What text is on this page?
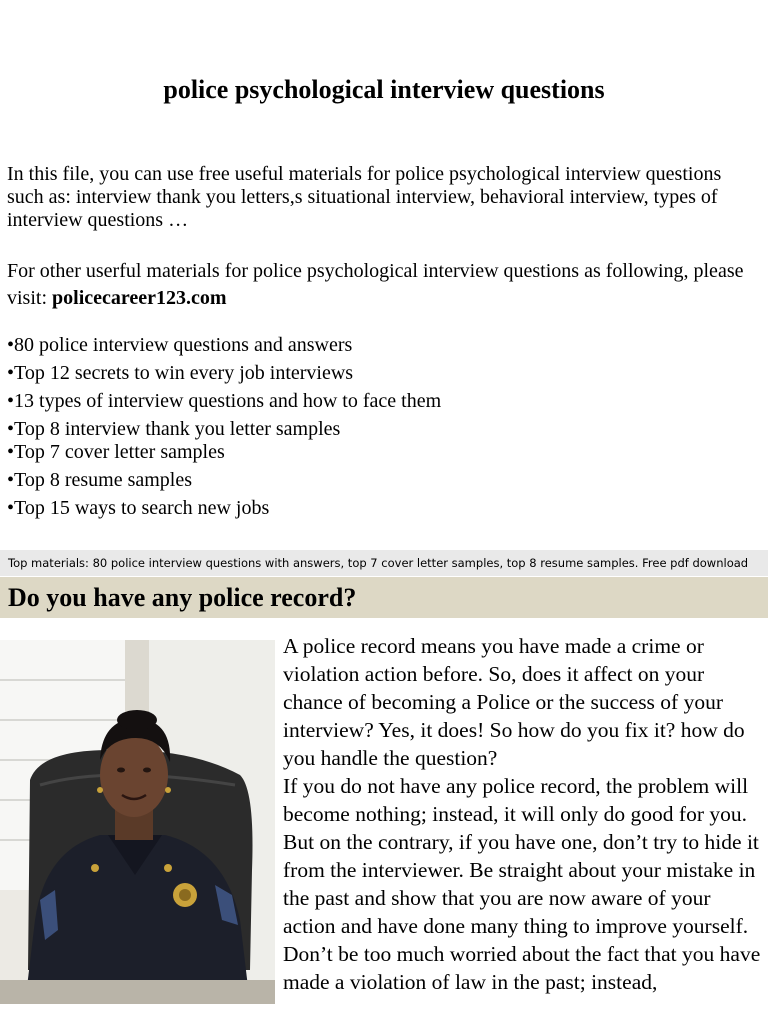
police psychological interview questions
In this file, you can use free useful materials for police psychological interview questions such as: interview thank you letters,s situational interview, behavioral interview, types of interview questions …
For other userful materials for police psychological interview questions as following, please visit: policecareer123.com
• 80 police interview questions and answers
• Top 12 secrets to win every job interviews
• 13 types of interview questions and how to face them
• Top 8 interview thank you letter samples
• Top 7 cover letter samples
• Top 8 resume samples
• Top 15 ways to search new jobs
Top materials: 80 police interview questions with answers, top 7 cover letter samples, top 8 resume samples. Free pdf download
Do you have any police record?

A police record means you have made a crime or violation action before. So, does it affect on your chance of becoming a Police or the success of your interview? Yes, it does! So how do you fix it? how do you handle the question?

If you do not have any police record, the problem will become nothing; instead, it will only do good for you. But on the contrary, if you have one, don’t try to hide it from the interviewer. Be straight about your mistake in the past and show that you are now aware of your action and have done many thing to improve yourself. Don’t be too much worried about the fact that you have made a violation of law in the past; instead,
